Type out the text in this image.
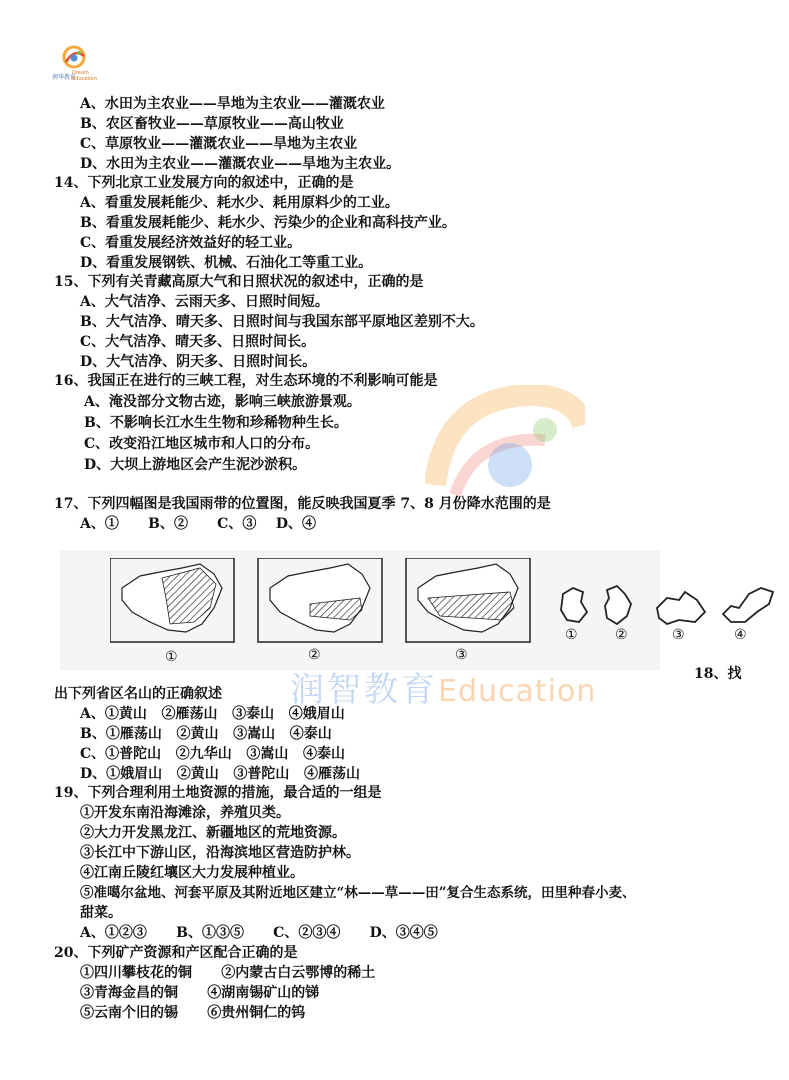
润华教育
Dream
Education
润智教育Education
A、水田为主农业——旱地为主农业——灌溉农业
B、农区畜牧业——草原牧业——高山牧业
C、草原牧业——灌溉农业——旱地为主农业
D、水田为主农业——灌溉农业——旱地为主农业。
14、下列北京工业发展方向的叙述中，正确的是
A、看重发展耗能少、耗水少、耗用原料少的工业。
B、看重发展耗能少、耗水少、污染少的企业和高科技产业。
C、看重发展经济效益好的轻工业。
D、看重发展钢铁、机械、石油化工等重工业。
15、下列有关青藏高原大气和日照状况的叙述中，正确的是
A、大气洁净、云雨天多、日照时间短。
B、大气洁净、晴天多、日照时间与我国东部平原地区差别不大。
C、大气洁净、晴天多、日照时间长。
D、大气洁净、阴天多、日照时间长。
16、我国正在进行的三峡工程，对生态环境的不利影响可能是
A、淹没部分文物古迹，影响三峡旅游景观。
B、不影响长江水生生物和珍稀物种生长。
C、改变沿江地区城市和人口的分布。
D、大坝上游地区会产生泥沙淤积。
17、下列四幅图是我国雨带的位置图，能反映我国夏季 7、8 月份降水范围的是
A、①      B、②      C、③    D、④
①	②	③
①	②	③	④
18、找
出下列省区名山的正确叙述
A、①黄山   ②雁荡山   ③泰山   ④娥眉山
B、①雁荡山   ②黄山   ③嵩山   ④泰山
C、①普陀山   ②九华山   ③嵩山   ④泰山
D、①娥眉山   ②黄山   ③普陀山   ④雁荡山
19、下列合理利用土地资源的措施，最合适的一组是
①开发东南沿海滩涂，养殖贝类。
②大力开发黑龙江、新疆地区的荒地资源。
③长江中下游山区，沿海滨地区营造防护林。
④江南丘陵红壤区大力发展种植业。
⑤准噶尔盆地、河套平原及其附近地区建立“林——草——田”复合生态系统，田里种春小麦、
甜菜。
A、①②③      B、①③⑤      C、②③④      D、③④⑤
20、下列矿产资源和产区配合正确的是
①四川攀枝花的铜      ②内蒙古白云鄂博的稀土
③青海金昌的铜      ④湖南锡矿山的锑
⑤云南个旧的锡      ⑥贵州铜仁的钨
